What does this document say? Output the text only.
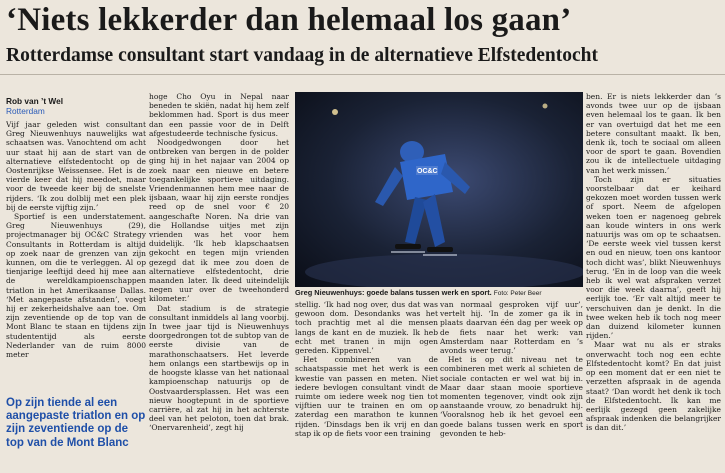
‘Niets lekkerder dan helemaal los gaan’
Rotterdamse consultant start vandaag in de alternatieve Elfstedentocht
Rob van ’t Wel
Rotterdam

Vijf jaar geleden wist consultant Greg Nieuwenhuys nauwelijks wat schaatsen was. Vanochtend om acht uur staat hij aan de start van de alternatieve elfstedentocht op de Oostenrijkse Weissensee. Het is de vierde keer dat hij meedoet, maar voor de tweede keer bij de snelste rijders. ‘Ik zou dolblij met een plek bij de eerste vijftig zijn.’

Sportief is een understatement. Greg Nieuwenhuys (29), projectmanager bij OC&C Strategy Consultants in Rotterdam is altijd op zoek naar de grenzen van zijn kunnen, om die te verleggen. Al op tienjarige leeftijd deed hij mee aan de wereldkampioenschappen triatlon in het Amerikaanse Dallas. ‘Met aangepaste afstanden’, voegt hij er zekerheidshalve aan toe. Om zijn zeventiende op de top van de Mont Blanc te staan en tijdens zijn studententijd als eerste Nederlander van de ruim 8000 meter

Op zijn tiende al een aangepaste triatlon en op zijn zeventiende op de top van de Mont Blanc

hoge Cho Oyu in Nepal naar beneden te skiën, nadat hij hem zelf beklommen had. Sport is dus meer dan een passie voor de in Delft afgestudeerde technische fysicus.

Noodgedwongen door het ontbreken van bergen in de polder ging hij in het najaar van 2004 op zoek naar een nieuwe en betere toegankelijke sportieve uitdaging. Vriendenmannen hem mee naar de ijsbaan, waar hij zijn eerste rondjes reed op de snel voor € 20 aangeschafte Noren. Na drie van die Hollandse uitjes met zijn vrienden was het voor hem duidelijk. ‘Ik heb klapschaatsen gekocht en tegen mijn vrienden gezegd dat ik mee zou doen de alternatieve elfstedentocht, drie maanden later. Ik deed uiteindelijk negen uur over de tweehonderd kilometer.’

Dat stadium is de strategie consultant inmiddels al lang voorbij. In twee jaar tijd is Nieuwenhuys doorgedrongen tot de subtop van de eerste divisie van de marathonschaatsers. Het leverde hem onlangs een startbewijs op in de hoogste klasse van het nationaal kampioenschap natuurijs op de Oostvaardersplassen. Het was een nieuw hoogtepunt in de sportieve carrière, al zat hij in het achterste deel van het peloton, toen dat brak. ‘Onervarenheid’, zegt hij

OC&C
Greg Nieuwenhuys: goede balans tussen werk en sport. Foto: Peter Beer

stellig. ‘Ik had nog over, dus dat was gewoon dom. Desondanks was het toch prachtig met al die mensen langs de kant en de muziek. Ik heb echt met tranen in mijn ogen gereden. Kippenvel.’

Het combineren van de schaatspassie met het werk is een kwestie van passen en meten. Niet iedere bevlogen consultant vindt de ruimte om iedere week nog tien tot vijftien uur te trainen en om op zaterdag een marathon te kunnen rijden. ‘Dinsdags ben ik vrij en dan stap ik op de fiets voor een training

van normaal gesproken vijf uur’, vertelt hij. ‘In de zomer ga ik in plaats daarvan één dag per week op de fiets naar het werk: van Amsterdam naar Rotterdam en ’s avonds weer terug.’

Het is op dit niveau net te combineren met werk al schieten de sociale contacten er wel wat bij in. Maar daar staan mooie sportieve momenten tegenover, vindt ook zijn aanstaande vrouw, zo benadrukt hij. ‘Vooralsnog heb ik het gevoel een goede balans tussen werk en sport gevonden te heb-

ben. Er is niets lekkerder dan ’s avonds twee uur op de ijsbaan even helemaal los te gaan. Ik ben er van overtuigd dat het me een betere consultant maakt. Ik ben, denk ik, toch te sociaal om alleen voor de sport te gaan. Bovendien zou ik de intellectuele uitdaging van het werk missen.’

Toch zijn er situaties voorstelbaar dat er keihard gekozen moet worden tussen werk of sport. Neem de afgelopen weken toen er nagenoeg gebrek aan koude winters in ons werk natuurijs was om op te schaatsen. ‘De eerste week viel tussen kerst en oud en nieuw, toen ons kantoor toch dicht was’, blikt Nieuwenhuys terug. ‘En in de loop van die week heb ik wel wat afspraken verzet voor die week daarna’, geeft hij eerlijk toe. ‘Er valt altijd meer te verschuiven dan je denkt. In die twee weken heb ik toch nog meer dan duizend kilometer kunnen rijden.’

Maar wat nu als er straks onverwacht toch nog een echte Elfstedentocht komt? En dat juist op een moment dat er een niet te verzetten afspraak in de agenda staat? ‘Dan wordt het denk ik toch de Elfstedentocht. Ik kan me eerlijk gezegd geen zakelijke afspraak indenken die belangrijker is dan dit.’
